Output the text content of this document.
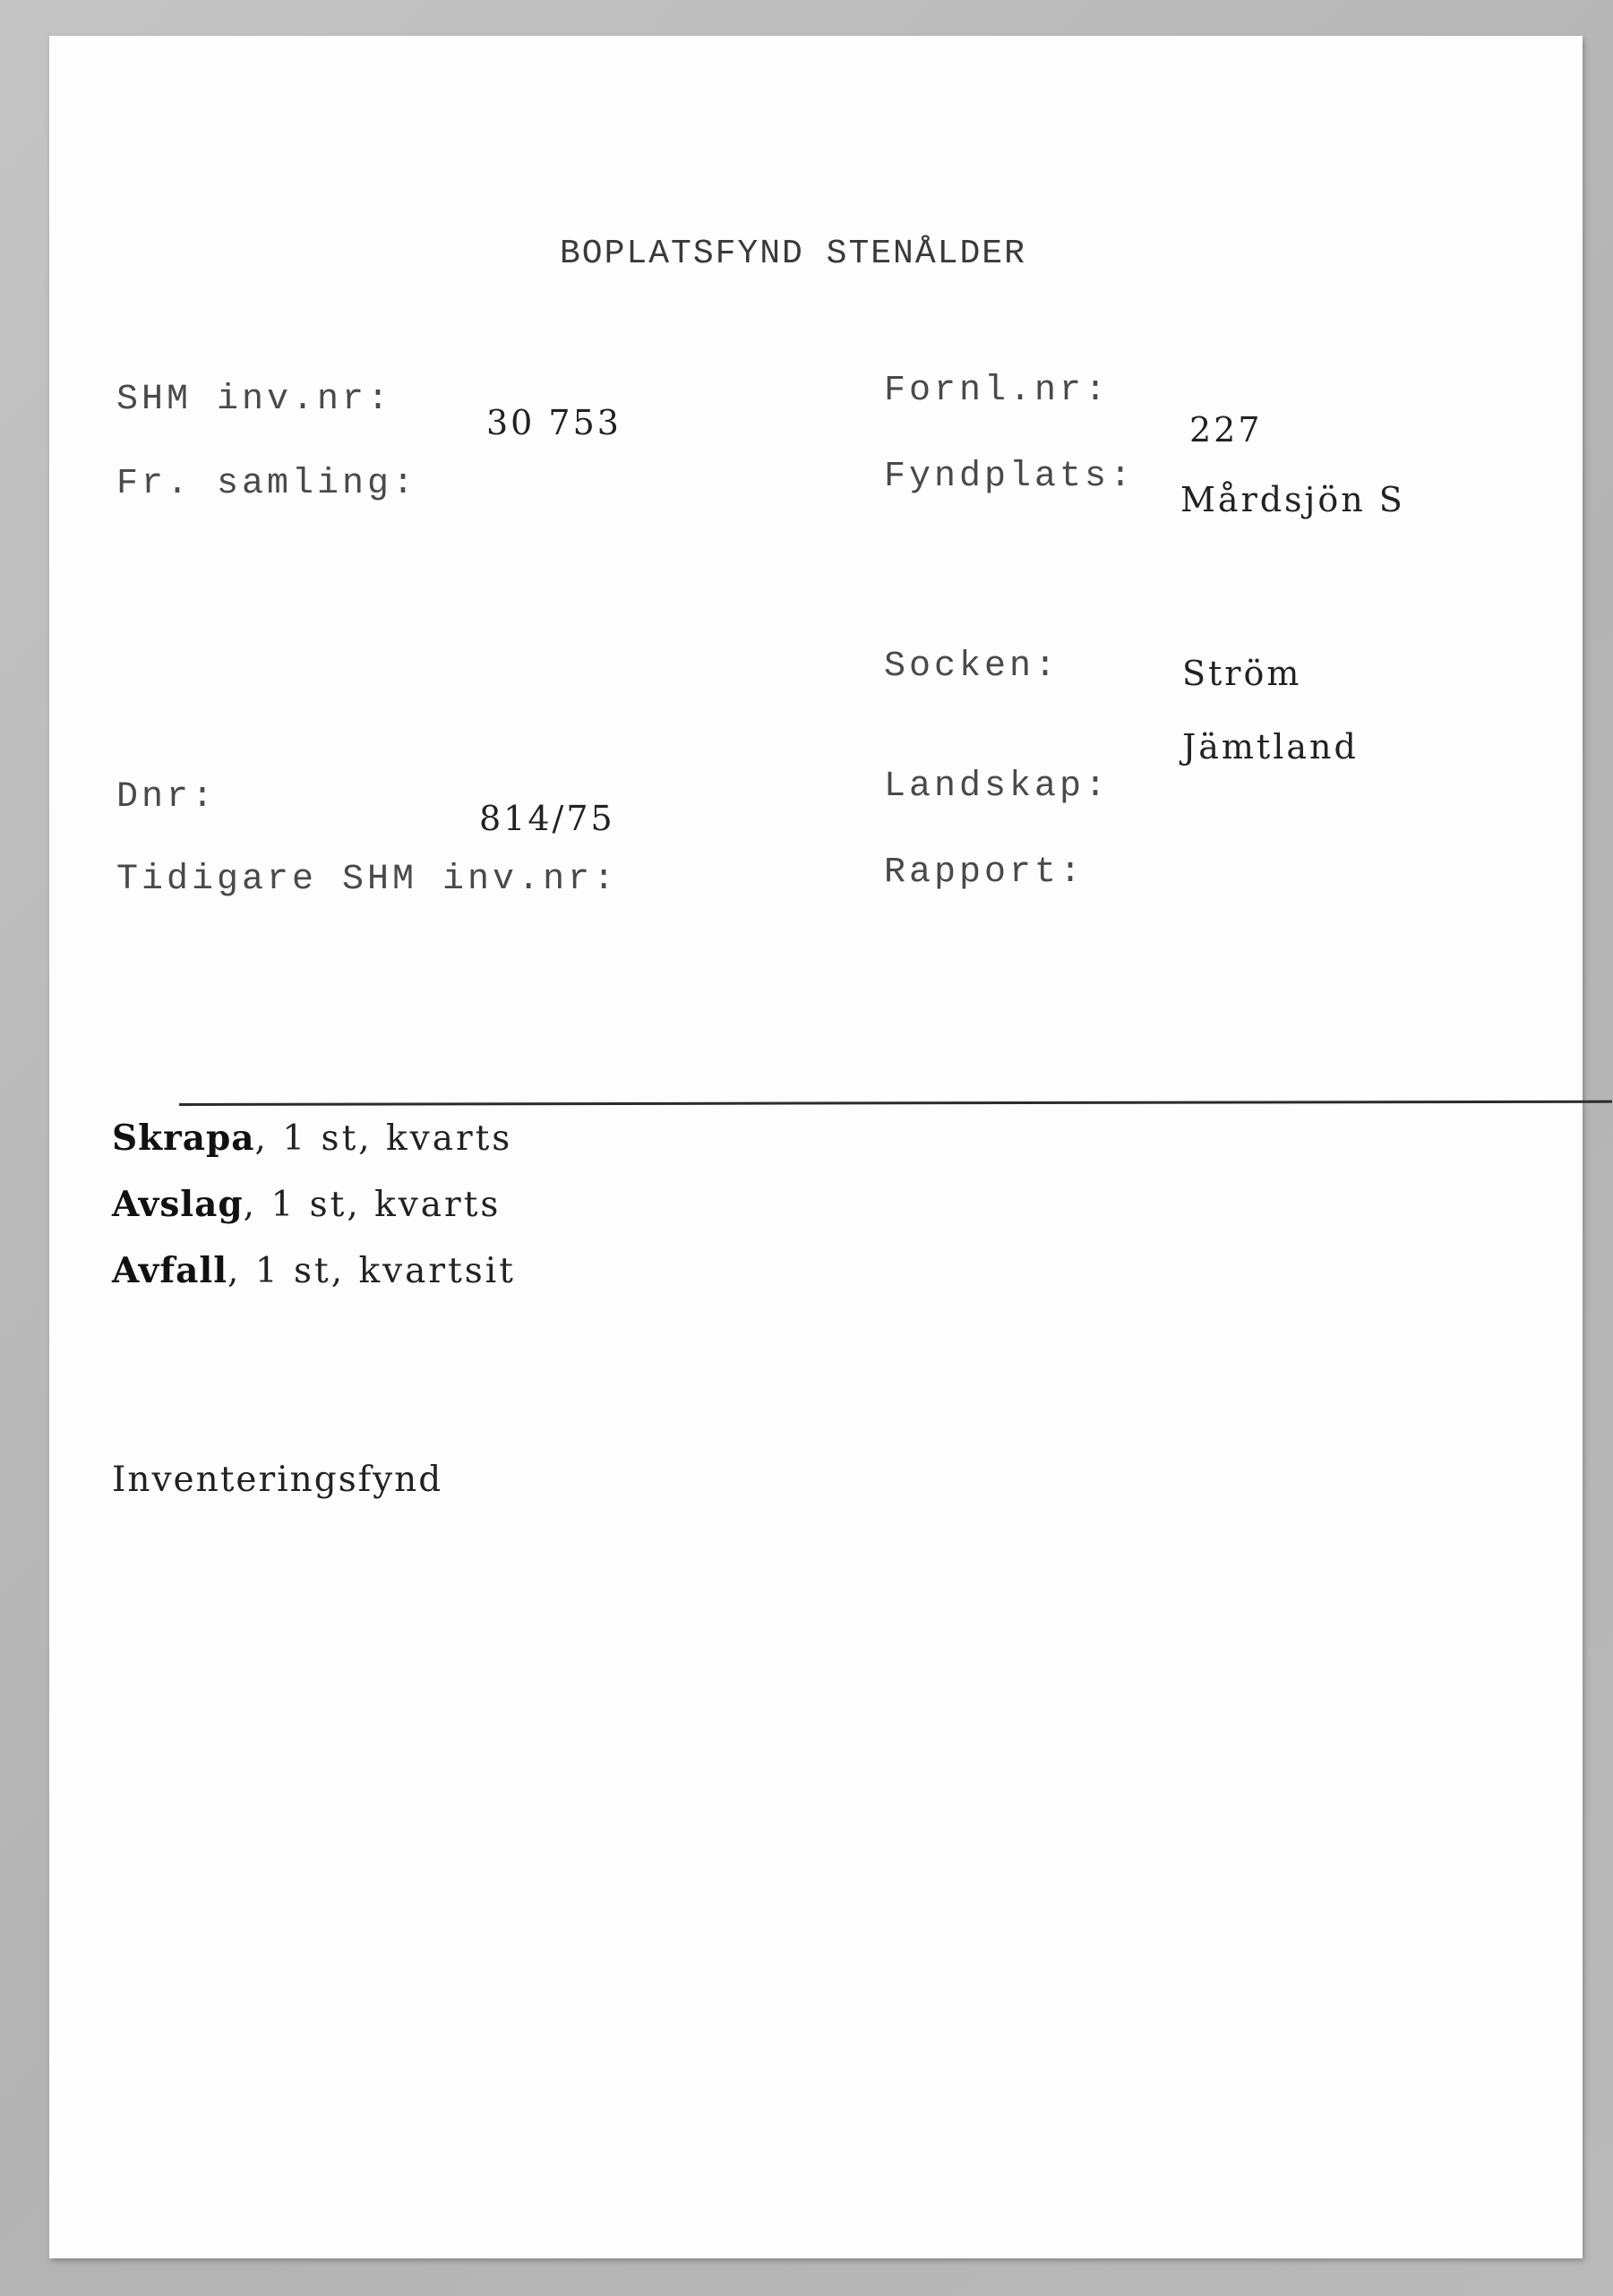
BOPLATSFYND STENÅLDER
SHM inv.nr:
Fr. samling:
Dnr:
Tidigare SHM inv.nr:
30 753
814/75
Fornl.nr:
Fyndplats:
Socken:
Landskap:
Rapport:
227
Mårdsjön S
Ström
Jämtland
Skrapa, 1 st, kvarts
Avslag, 1 st, kvarts
Avfall, 1 st, kvartsit
Inventeringsfynd
